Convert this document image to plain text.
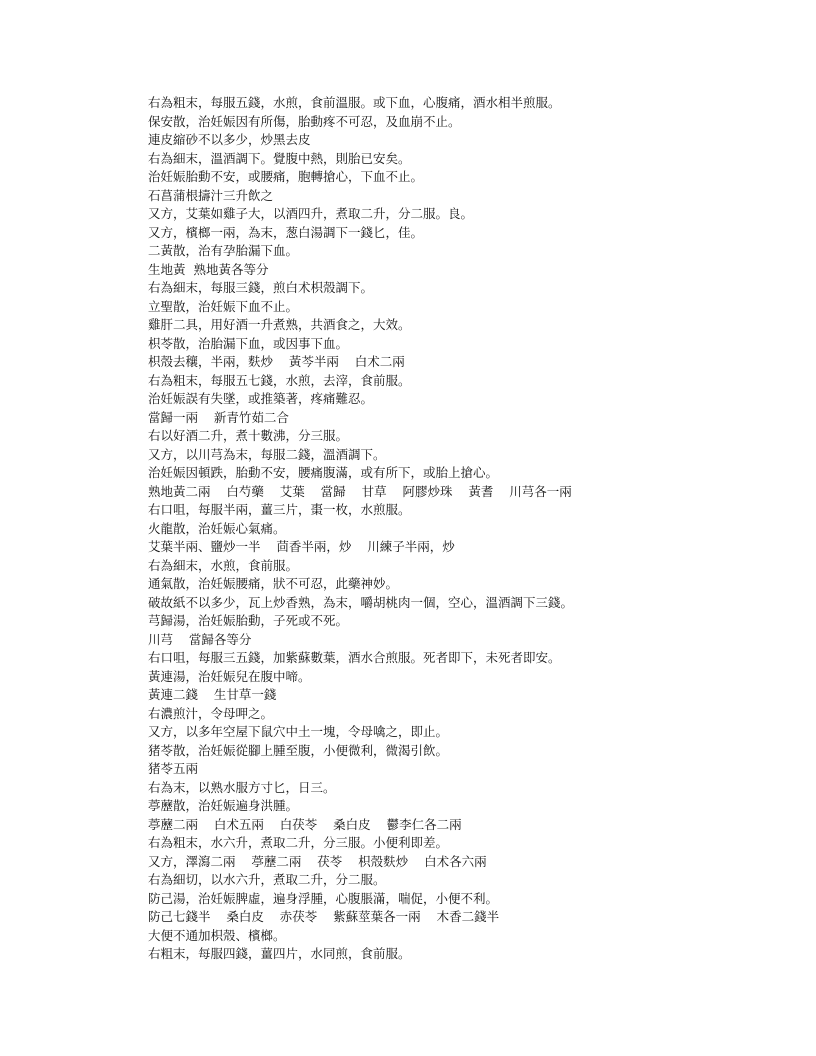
右為粗末，每服五錢，水煎，食前溫服。或下血，心腹痛，酒水相半煎服。
保安散，治妊娠因有所傷，胎動疼不可忍，及血崩不止。
連皮縮砂不以多少，炒黑去皮
右為細末，溫酒調下。覺腹中熱，則胎已安矣。
治妊娠胎動不安，或腰痛，胞轉搶心，下血不止。
石菖蒲根擣汁三升飲之
又方，艾葉如雞子大，以酒四升，煮取二升，分二服。良。
又方，檳榔一兩，為末，葱白湯調下一錢匕，佳。
二黃散，治有孕胎漏下血。
生地黃  熟地黃各等分
右為細末，每服三錢，煎白术枳殼調下。
立聖散，治妊娠下血不止。
雞肝二具，用好酒一升煮熟，共酒食之，大效。
枳苓散，治胎漏下血，或因事下血。
枳殼去穰，半兩，麩炒    黃芩半兩    白术二兩
右為粗末，每服五七錢，水煎，去滓，食前服。
治妊娠誤有失墜，或推築著，疼痛難忍。
當歸一兩    新青竹茹二合
右以好酒二升，煮十數沸，分三服。
又方，以川芎為末，每服二錢，溫酒調下。
治妊娠因頓跌，胎動不安，腰痛腹滿，或有所下，或胎上搶心。
熟地黃二兩    白芍藥    艾葉    當歸    甘草    阿膠炒珠    黃耆    川芎各一兩
右口咀，每服半兩，薑三片，棗一枚，水煎服。
火龍散，治妊娠心氣痛。
艾葉半兩、鹽炒一半    茴香半兩，炒    川練子半兩，炒
右為細末，水煎，食前服。
通氣散，治妊娠腰痛，狀不可忍，此藥神妙。
破故紙不以多少，瓦上炒香熟，為末，嚼胡桃肉一個，空心，溫酒調下三錢。
芎歸湯，治妊娠胎動，子死或不死。
川芎    當歸各等分
右口咀，每服三五錢，加紫蘇數葉，酒水合煎服。死者即下，未死者即安。
黃連湯，治妊娠兒在腹中啼。
黃連二錢    生甘草一錢
右濃煎汁，令母呷之。
又方，以多年空屋下鼠穴中土一塊，令母噙之，即止。
猪苓散，治妊娠從腳上腫至腹，小便微利，微渴引飲。
猪苓五兩
右為末，以熟水服方寸匕，日三。
葶藶散，治妊娠遍身洪腫。
葶藶二兩    白术五兩    白茯苓    桑白皮    鬱李仁各二兩
右為粗末，水六升，煮取二升，分三服。小便利即差。
又方，澤瀉二兩    葶藶二兩    茯苓    枳殼麩炒    白术各六兩
右為細切，以水六升，煮取二升，分二服。
防己湯，治妊娠脾虛，遍身浮腫，心腹脹滿，喘促，小便不利。
防己七錢半    桑白皮    赤茯苓    紫蘇莖葉各一兩    木香二錢半
大便不通加枳殼、檳榔。
右粗末，每服四錢，薑四片，水同煎，食前服。
